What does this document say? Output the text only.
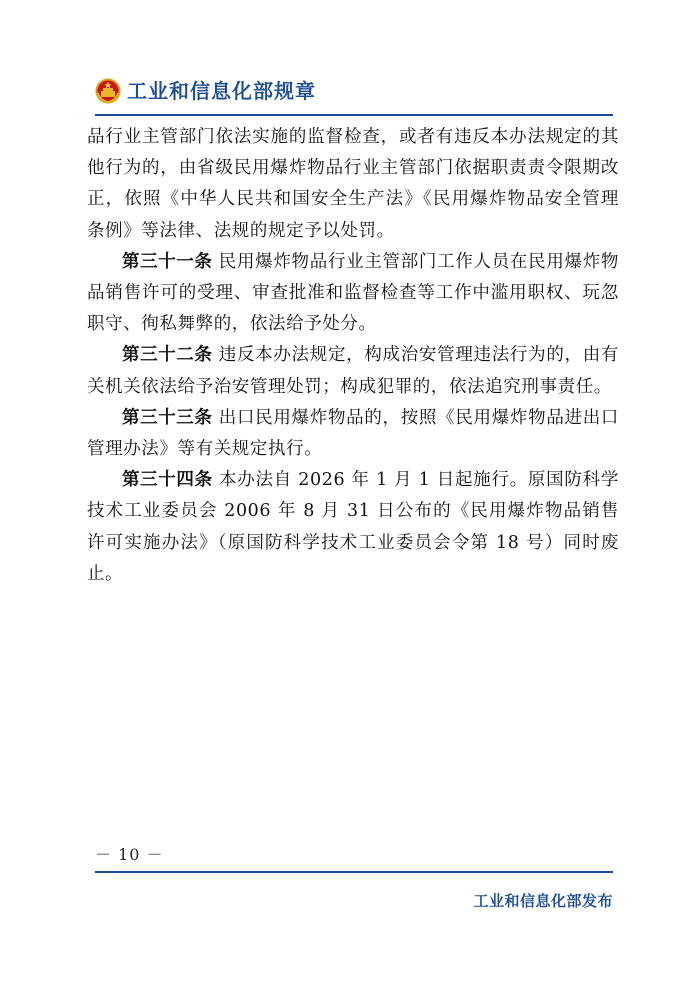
工业和信息化部规章

品行业主管部门依法实施的监督检查，或者有违反本办法规定的其他行为的，由省级民用爆炸物品行业主管部门依据职责责令限期改正，依照《中华人民共和国安全生产法》《民用爆炸物品安全管理条例》等法律、法规的规定予以处罚。

第三十一条 民用爆炸物品行业主管部门工作人员在民用爆炸物品销售许可的受理、审查批准和监督检查等工作中滥用职权、玩忽职守、徇私舞弊的，依法给予处分。

第三十二条 违反本办法规定，构成治安管理违法行为的，由有关机关依法给予治安管理处罚；构成犯罪的，依法追究刑事责任。

第三十三条 出口民用爆炸物品的，按照《民用爆炸物品进出口管理办法》等有关规定执行。

第三十四条 本办法自 2026 年 1 月 1 日起施行。原国防科学技术工业委员会 2006 年 8 月 31 日公布的《民用爆炸物品销售许可实施办法》（原国防科学技术工业委员会令第 18 号）同时废止。

－ 10 －
工业和信息化部发布
